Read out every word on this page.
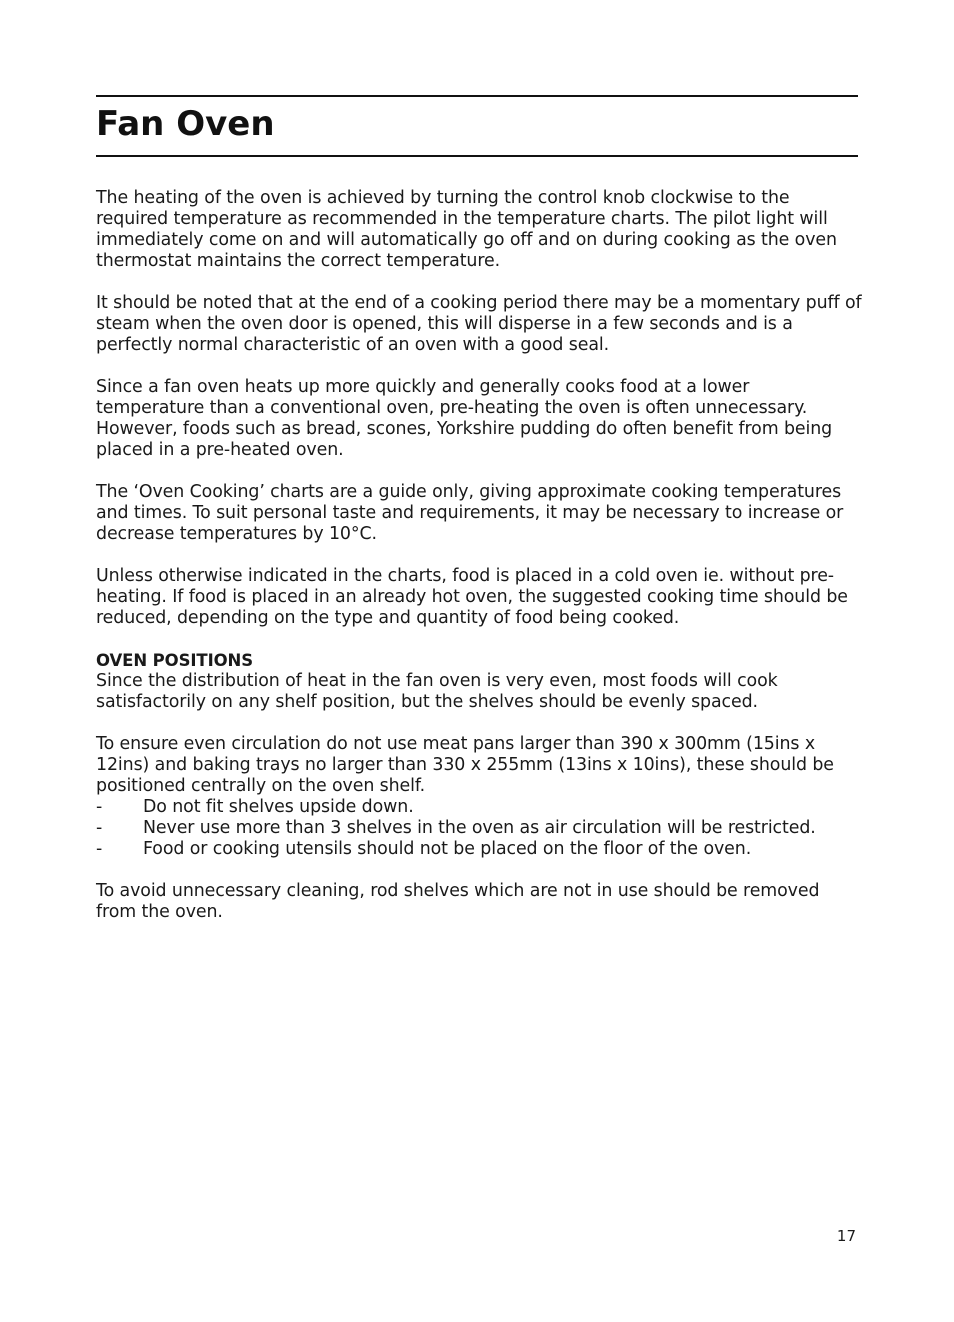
Fan Oven

The heating of the oven is achieved by turning the control knob clockwise to the required temperature as recommended in the temperature charts. The pilot light will immediately come on and will automatically go off and on during cooking as the oven thermostat maintains the correct temperature.

It should be noted that at the end of a cooking period there may be a momentary puff of steam when the oven door is opened, this will disperse in a few seconds and is a perfectly normal characteristic of an oven with a good seal.

Since a fan oven heats up more quickly and generally cooks food at a lower temperature than a conventional oven, pre-heating the oven is often unnecessary. However, foods such as bread, scones, Yorkshire pudding do often benefit from being placed in a pre-heated oven.

The ‘Oven Cooking’ charts are a guide only, giving approximate cooking temperatures and times. To suit personal taste and requirements, it may be necessary to increase or decrease temperatures by 10°C.

Unless otherwise indicated in the charts, food is placed in a cold oven ie. without pre-heating. If food is placed in an already hot oven, the suggested cooking time should be reduced, depending on the type and quantity of food being cooked.

OVEN POSITIONS

Since the distribution of heat in the fan oven is very even, most foods will cook satisfactorily on any shelf position, but the shelves should be evenly spaced.

To ensure even circulation do not use meat pans larger than 390 x 300mm (15ins x 12ins) and baking trays no larger than 330 x 255mm (13ins x 10ins), these should be positioned centrally on the oven shelf.

- Do not fit shelves upside down.
- Never use more than 3 shelves in the oven as air circulation will be restricted.
- Food or cooking utensils should not be placed on the floor of the oven.

To avoid unnecessary cleaning, rod shelves which are not in use should be removed from the oven.

17
